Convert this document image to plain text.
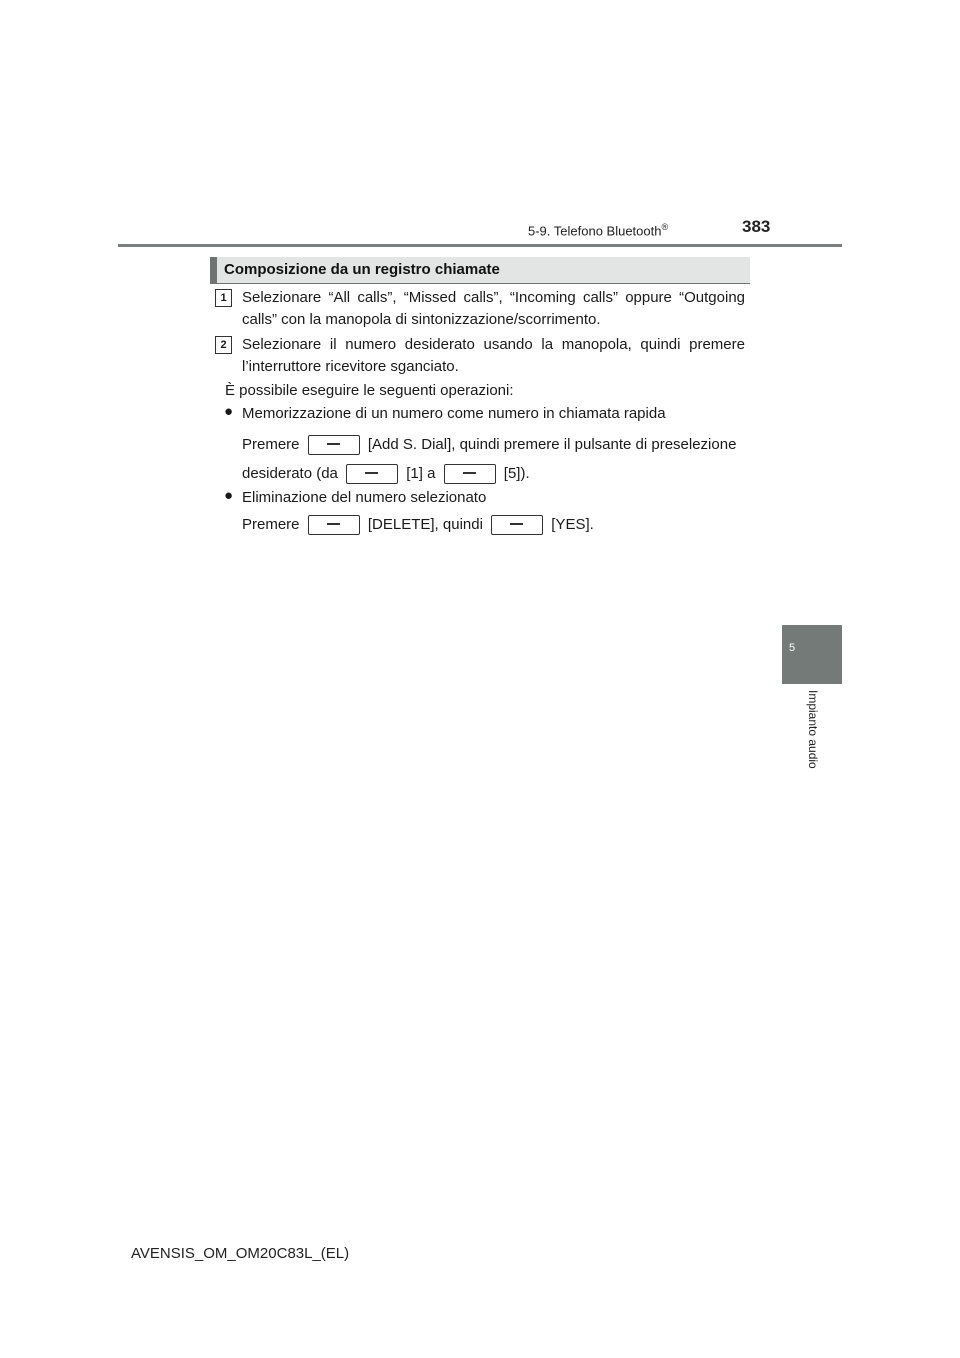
5-9. Telefono Bluetooth®	383
5
Impianto audio
Composizione da un registro chiamate
1	Selezionare “All calls”, “Missed calls”, “Incoming calls” oppure “Outgoing calls” con la manopola di sintonizzazione/scorrimento.
2	Selezionare il numero desiderato usando la manopola, quindi premere l’interruttore ricevitore sganciato.
È possibile eseguire le seguenti operazioni:
● Memorizzazione di un numero come numero in chiamata rapida
Premere	[Add S. Dial], quindi premere il pulsante di preselezione
desiderato (da	[1] a	[5]).
● Eliminazione del numero selezionato
Premere	[DELETE], quindi	[YES].
AVENSIS_OM_OM20C83L_(EL)
